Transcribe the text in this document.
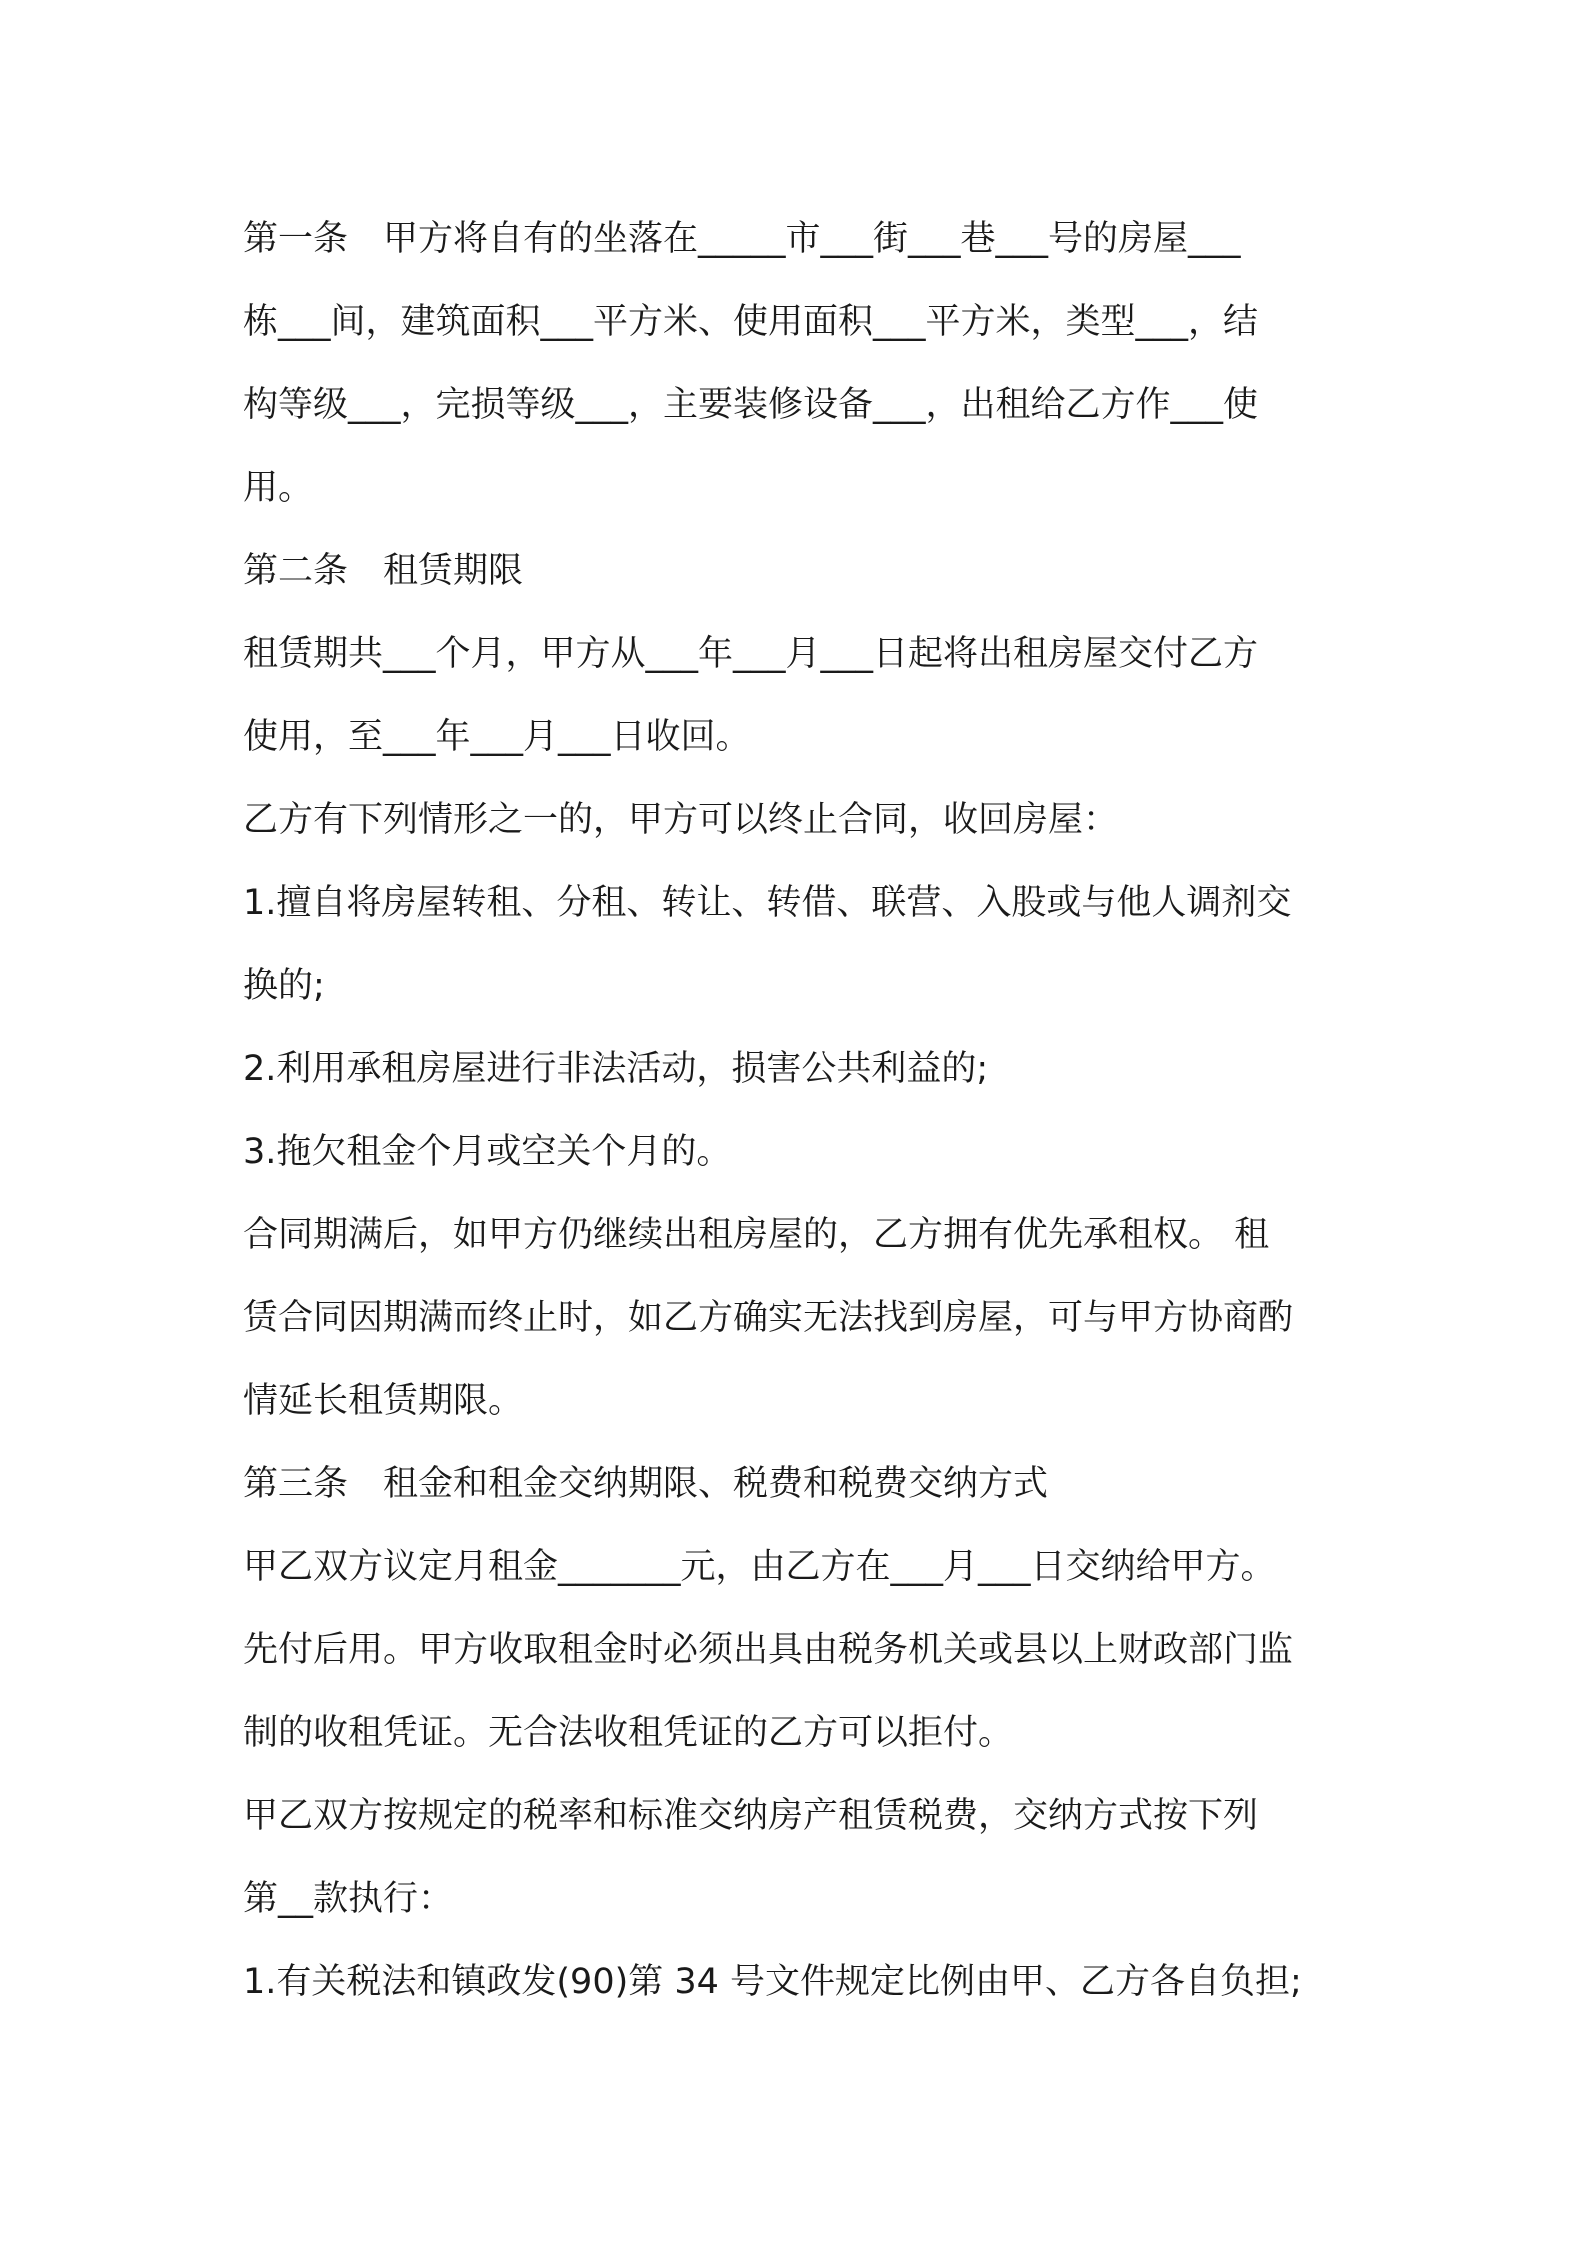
第一条　甲方将自有的坐落在_____市___街___巷___号的房屋___
栋___间，建筑面积___平方米、使用面积___平方米，类型___，结
构等级___，完损等级___，主要装修设备___，出租给乙方作___使
用。
第二条　租赁期限
租赁期共___个月，甲方从___年___月___日起将出租房屋交付乙方
使用，至___年___月___日收回。
乙方有下列情形之一的，甲方可以终止合同，收回房屋：
1.擅自将房屋转租、分租、转让、转借、联营、入股或与他人调剂交
换的;
2.利用承租房屋进行非法活动，损害公共利益的;
3.拖欠租金个月或空关个月的。
合同期满后，如甲方仍继续出租房屋的，乙方拥有优先承租权。 租
赁合同因期满而终止时，如乙方确实无法找到房屋，可与甲方协商酌
情延长租赁期限。
第三条　租金和租金交纳期限、税费和税费交纳方式
甲乙双方议定月租金_______元，由乙方在___月___日交纳给甲方。
先付后用。甲方收取租金时必须出具由税务机关或县以上财政部门监
制的收租凭证。无合法收租凭证的乙方可以拒付。
甲乙双方按规定的税率和标准交纳房产租赁税费，交纳方式按下列
第__款执行：
1.有关税法和镇政发(90)第 34 号文件规定比例由甲、乙方各自负担;
